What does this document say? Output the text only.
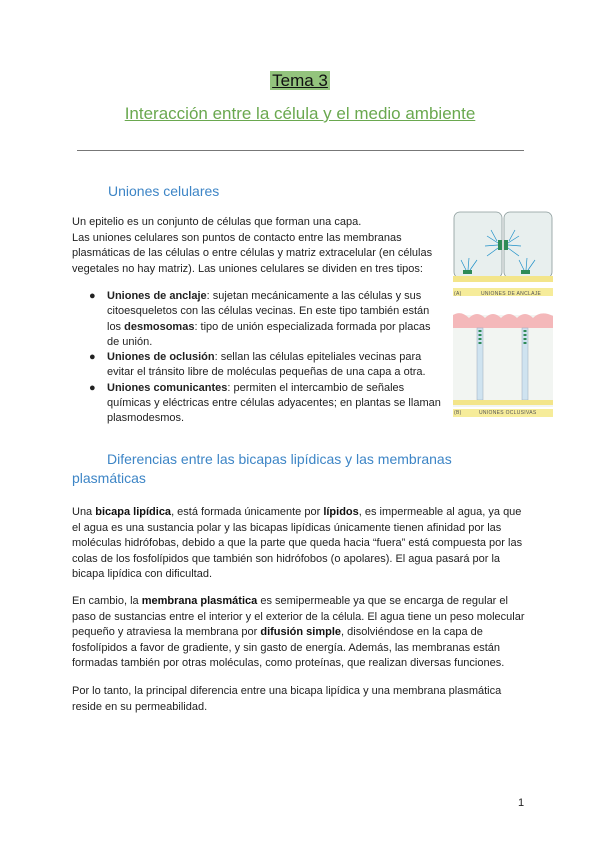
Tema 3
Interacción entre la célula y el medio ambiente
Uniones celulares
Un epitelio es un conjunto de células que forman una capa.
Las uniones celulares son puntos de contacto entre las membranas plasmáticas de las células o entre células y matriz extracelular (en células vegetales no hay matriz). Las uniones celulares se dividen en tres tipos:
● Uniones de anclaje: sujetan mecánicamente a las células y sus citoesqueletos con las células vecinas. En este tipo también están los desmosomas: tipo de unión especializada formada por placas de unión.
● Uniones de oclusión: sellan las células epiteliales vecinas para evitar el tránsito libre de moléculas pequeñas de una capa a otra.
● Uniones comunicantes: permiten el intercambio de señales químicas y eléctricas entre células adyacentes; en plantas se llaman plasmodesmos.
(A)	UNIONES DE ANCLAJE
(B)	UNIONES OCLUSIVAS
Diferencias entre las bicapas lipídicas y las membranas plasmáticas
Una bicapa lipídica, está formada únicamente por lípidos, es impermeable al agua, ya que el agua es una sustancia polar y las bicapas lipídicas únicamente tienen afinidad por las moléculas hidrófobas, debido a que la parte que queda hacia “fuera” está compuesta por las colas de los fosfolípidos que también son hidrófobos (o apolares). El agua pasará por la bicapa lipídica con dificultad.
En cambio, la membrana plasmática es semipermeable ya que se encarga de regular el paso de sustancias entre el interior y el exterior de la célula. El agua tiene un peso molecular pequeño y atraviesa la membrana por difusión simple, disolviéndose en la capa de fosfolípidos a favor de gradiente, y sin gasto de energía. Además, las membranas están formadas también por otras moléculas, como proteínas, que realizan diversas funciones.
Por lo tanto, la principal diferencia entre una bicapa lipídica y una membrana plasmática reside en su permeabilidad.
1
